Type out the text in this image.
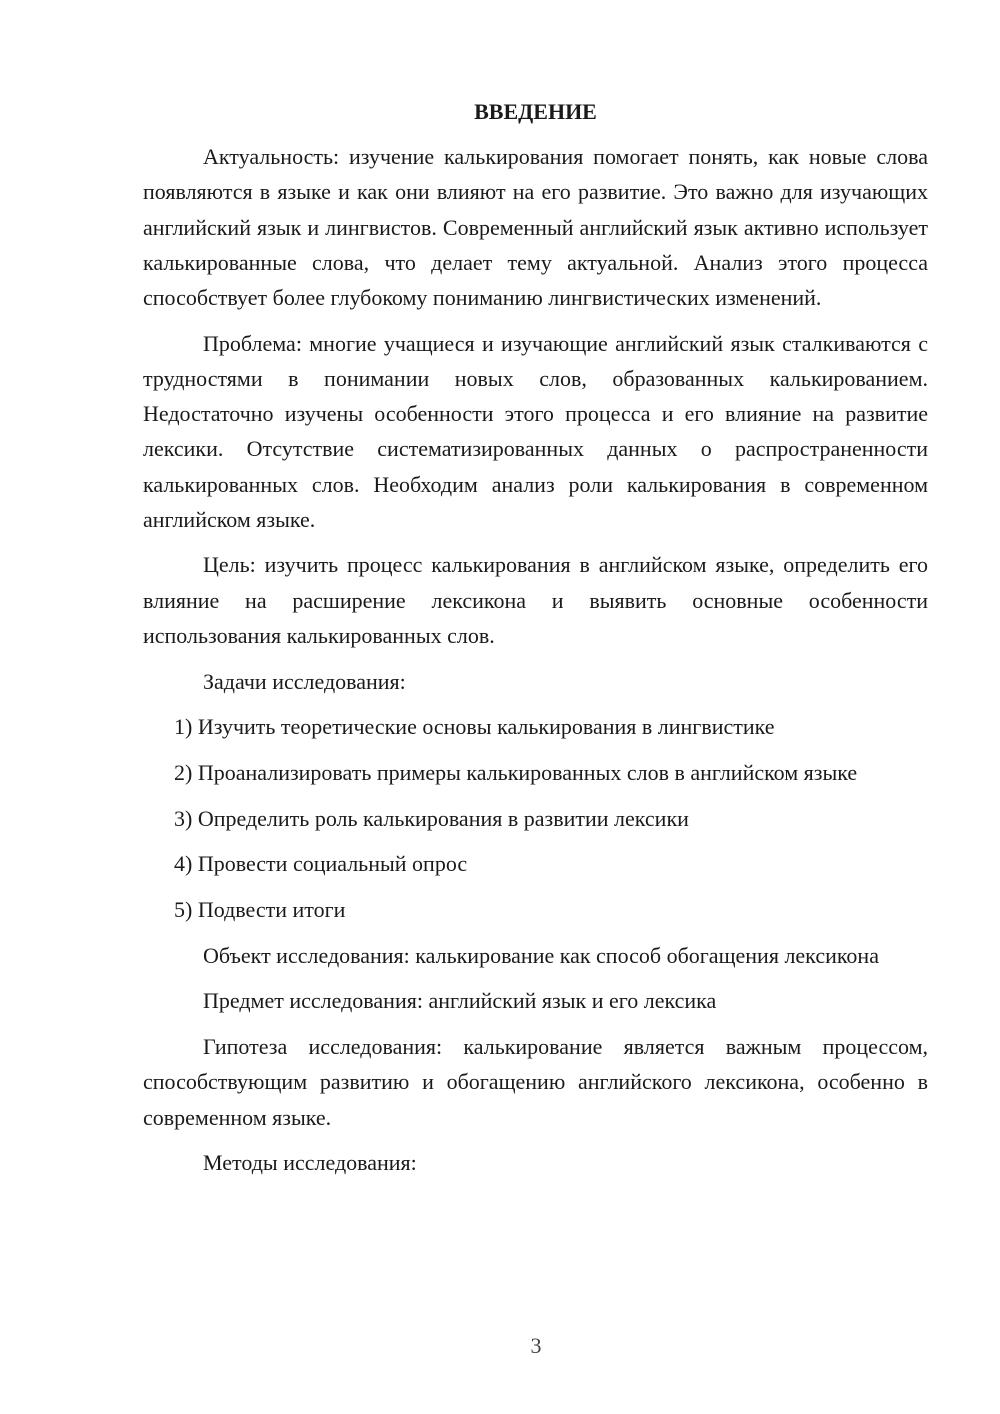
ВВЕДЕНИЕ

Актуальность: изучение калькирования помогает понять, как новые слова появляются в языке и как они влияют на его развитие. Это важно для изучающих английский язык и лингвистов. Современный английский язык активно использует калькированные слова, что делает тему актуальной. Анализ этого процесса способствует более глубокому пониманию лингвистических изменений.

Проблема: многие учащиеся и изучающие английский язык сталкиваются с трудностями в понимании новых слов, образованных калькированием. Недостаточно изучены особенности этого процесса и его влияние на развитие лексики. Отсутствие систематизированных данных о распространенности калькированных слов. Необходим анализ роли калькирования в современном английском языке.

Цель: изучить процесс калькирования в английском языке, определить его влияние на расширение лексикона и выявить основные особенности использования калькированных слов.

Задачи исследования:

1) Изучить теоретические основы калькирования в лингвистике

2) Проанализировать примеры калькированных слов в английском языке

3) Определить роль калькирования в развитии лексики

4) Провести социальный опрос

5) Подвести итоги

Объект исследования: калькирование как способ обогащения лексикона

Предмет исследования: английский язык и его лексика

Гипотеза исследования: калькирование является важным процессом, способствующим развитию и обогащению английского лексикона, особенно в современном языке.

Методы исследования:

3
